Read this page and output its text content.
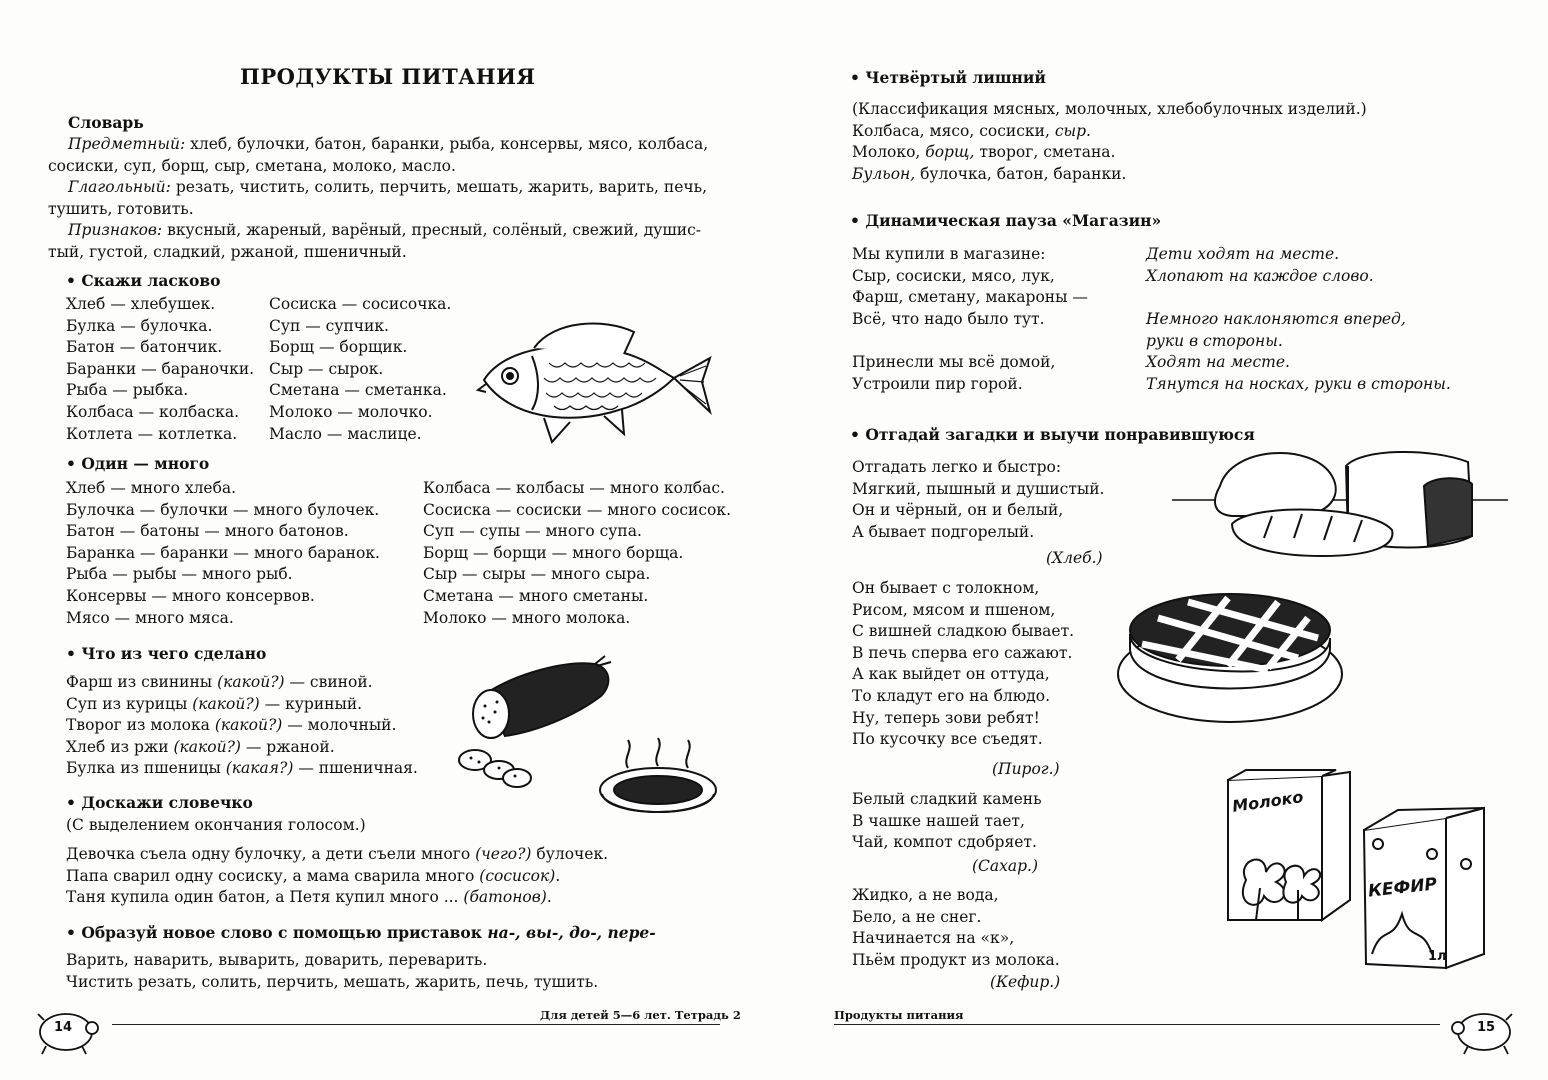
ПРОДУКТЫ ПИТАНИЯ
Словарь
Предметный: хлеб, булочки, батон, баранки, рыба, консервы, мясо, колбаса,
сосиски, суп, борщ, сыр, сметана, молоко, масло.
Глагольный: резать, чистить, солить, перчить, мешать, жарить, варить, печь,
тушить, готовить.
Признаков: вкусный, жареный, варёный, пресный, солёный, свежий, душис-
тый, густой, сладкий, ржаной, пшеничный.
• Скажи ласково
Хлеб — хлебушек.
Булка — булочка.
Батон — батончик.
Баранки — бараночки.
Рыба — рыбка.
Колбаса — колбаска.
Котлета — котлетка.
Сосиска — сосисочка.
Суп — супчик.
Борщ — борщик.
Сыр — сырок.
Сметана — сметанка.
Молоко — молочко.
Масло — маслице.
• Один — много
Хлеб — много хлеба.
Булочка — булочки — много булочек.
Батон — батоны — много батонов.
Баранка — баранки — много баранок.
Рыба — рыбы — много рыб.
Консервы — много консервов.
Мясо — много мяса.
Колбаса — колбасы — много колбас.
Сосиска — сосиски — много сосисок.
Суп — супы — много супа.
Борщ — борщи — много борща.
Сыр — сыры — много сыра.
Сметана — много сметаны.
Молоко — много молока.
• Что из чего сделано
Фарш из свинины (какой?) — свиной.
Суп из курицы (какой?) — куриный.
Творог из молока (какой?) — молочный.
Хлеб из ржи (какой?) — ржаной.
Булка из пшеницы (какая?) — пшеничная.
• Доскажи словечко
(С выделением окончания голосом.)
Девочка съела одну булочку, а дети съели много (чего?) булочек.
Папа сварил одну сосиску, а мама сварила много (сосисок).
Таня купила один батон, а Петя купил много ... (батонов).
• Образуй новое слово с помощью приставок на-, вы-, до-, пере-
Варить, наварить, выварить, доварить, переварить.
Чистить резать, солить, перчить, мешать, жарить, печь, тушить.
14
Для детей 5—6 лет. Тетрадь 2
• Четвёртый лишний
(Классификация мясных, молочных, хлебобулочных изделий.)
Колбаса, мясо, сосиски, сыр.
Молоко, борщ, творог, сметана.
Бульон, булочка, батон, баранки.
• Динамическая пауза «Магазин»
Мы купили в магазине:
Сыр, сосиски, мясо, лук,
Фарш, сметану, макароны —
Всё, что надо было тут.
Принесли мы всё домой,
Устроили пир горой.
Дети ходят на месте.
Хлопают на каждое слово.
Немного наклоняются вперед,
руки в стороны.
Ходят на месте.
Тянутся на носках, руки в стороны.
• Отгадай загадки и выучи понравившуюся
Отгадать легко и быстро:
Мягкий, пышный и душистый.
Он и чёрный, он и белый,
А бывает подгорелый.
(Хлеб.)
Он бывает с толокном,
Рисом, мясом и пшеном,
С вишней сладкою бывает.
В печь сперва его сажают.
А как выйдет он оттуда,
То кладут его на блюдо.
Ну, теперь зови ребят!
По кусочку все съедят.
(Пирог.)
Белый сладкий камень
В чашке нашей тает,
Чай, компот сдобряет.
(Сахар.)
Жидко, а не вода,
Бело, а не снег.
Начинается на «к»,
Пьём продукт из молока.
(Кефир.)
Молоко
1л
КЕФИР
Продукты питания
15
